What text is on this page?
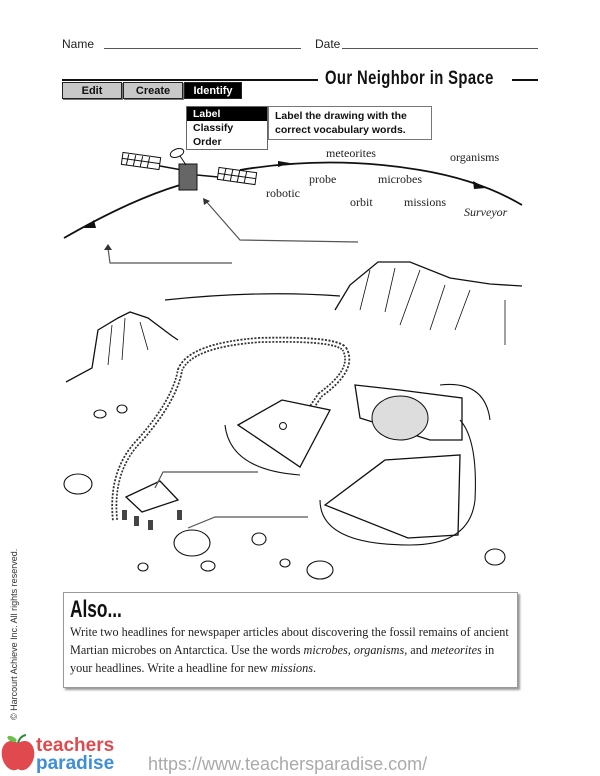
Name	Date
Our Neighbor in Space
Edit	Create	Identify
Label
Classify
Order
Label the drawing with the correct vocabulary words.
meteorites	organisms
probe	microbes
robotic
orbit	missions
Surveyor
Also...
Write two headlines for newspaper articles about discovering the fossil remains of ancient Martian microbes on Antarctica. Use the words microbes, organisms, and meteorites in your headlines. Write a headline for new missions.
© Harcourt Achieve Inc. All rights reserved.
teachers
paradise https://www.teachersparadise.com/
